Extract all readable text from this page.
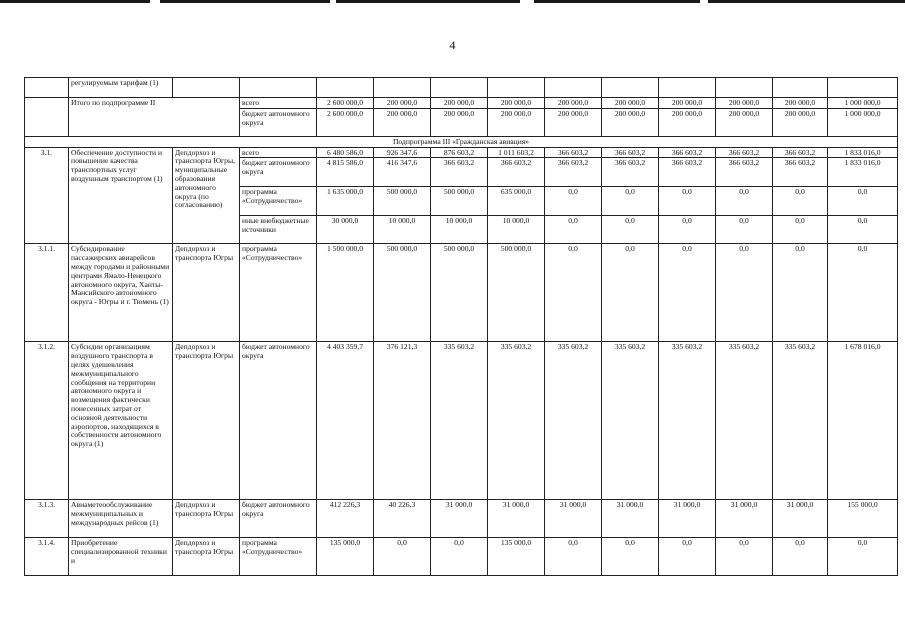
4
	регулируемым тарифам (1)												
	Итого по подпрограмме II		всего	2 600 000,0	200 000,0	200 000,0	200 000,0	200 000,0	200 000,0	200 000,0	200 000,0	200 000,0	1 000 000,0
			бюджет автономного округа	2 600 000,0	200 000,0	200 000,0	200 000,0	200 000,0	200 000,0	200 000,0	200 000,0	200 000,0	1 000 000,0
Подпрограмма III «Гражданская авиация»													
3.1.	Обеспечение доступности и повышение качества транспортных услуг воздушным транспортом (1)	Депдорхоз и транспорта Югры, муниципальные образования автономного округа (по согласованию)	всего	6 480 586,0	926 347,6	876 603,2	1 011 603,2	366 603,2	366 603,2	366 603,2	366 603,2	366 603,2	1 833 016,0
			бюджет автономного округа	4 815 586,0	416 347,6	366 603,2	366 603,2	366 603,2	366 603,2	366 603,2	366 603,2	366 603,2	1 833 016,0
			программа «Сотрудничество»	1 635 000,0	500 000,0	500 000,0	635 000,0	0,0	0,0	0,0	0,0	0,0	0,0
			иные внебюджетные источники	30 000,0	10 000,0	10 000,0	10 000,0	0,0	0,0	0,0	0,0	0,0	0,0
3.1.1.	Субсидирование пассажирских авиарейсов между городами и районными центрами Ямало-Ненецкого автономного округа, Ханты-Мансийского автономного округа - Югры и г. Тюмень (1)	Депдорхоз и транспорта Югры	программа «Сотрудничество»	1 500 000,0	500 000,0	500 000,0	500 000,0	0,0	0,0	0,0	0,0	0,0	0,0
3.1.2.	Субсидии организациям воздушного транспорта в целях удешевления межмуниципального сообщения на территории автономного округа и возмещения фактически понесенных затрат от основной деятельности аэропортов, находящихся в собственности автономного округа (1)	Депдорхоз и транспорта Югры	бюджет автономного округа	4 403 359,7	376 121,3	335 603,2	335 603,2	335 603,2	335 603,2	335 603,2	335 603,2	335 603,2	1 678 016,0
3.1.3.	Авиаметеообслуживание межмуниципальных и международных рейсов (1)	Депдорхоз и транспорта Югры	бюджет автономного округа	412 226,3	40 226,3	31 000,0	31 000,0	31 000,0	31 000,0	31 000,0	31 000,0	31 000,0	155 000,0
3.1.4.	Приобретение специализированной техники и	Депдорхоз и транспорта Югры	программа «Сотрудничество»	135 000,0	0,0	0,0	135 000,0	0,0	0,0	0,0	0,0	0,0	0,0
